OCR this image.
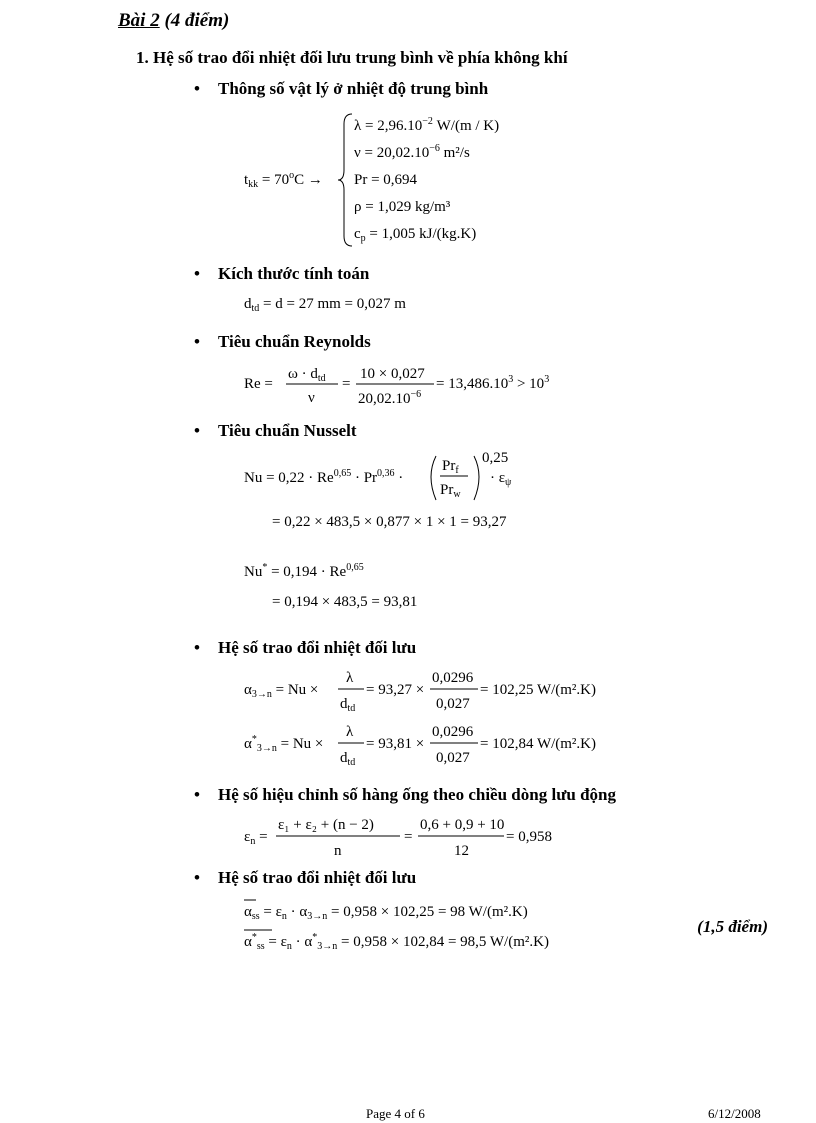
Bài 2 (4 điểm)
1. Hệ số trao đổi nhiệt đối lưu trung bình về phía không khí
• Thông số vật lý ở nhiệt độ trung bình
$t_{kk} = 70^oC$ →
$\lambda = 2,96.10^{-2}$ W/(m / K)
$\nu = 20,02.10^{-6}$ m²/s
Pr = 0,694
ρ = 1,029 kg/m³
$c_p = 1,005$ kJ/(kg.K)
• Kích thước tính toán
$d_{td} = d = 27$ mm = 0,027 m
• Tiêu chuẩn Reynolds
Re =
$\omega \cdot d_{td}$
ν
=
10 × 0,027
$20,02.10^{-6}$
= $13,486.10^3 > 10^3$
• Tiêu chuẩn Nusselt
Nu = 0,22 · Re$^{0,65}$ · Pr$^{0,36}$ ·
$Pr_f$
$Pr_w$
0,25
· $\varepsilon_\psi$
= 0,22 × 483,5 × 0,877 × 1 × 1 = 93,27
Nu* = 0,194 · Re$^{0,65}$
= 0,194 × 483,5 = 93,81
• Hệ số trao đổi nhiệt đối lưu
$\alpha_{3\to n} = Nu$ ×
λ
$d_{td}$
= 93,27 ×
0,0296
0,027
= 102,25 W/(m².K)
$\alpha^*_{3\to n} = Nu$ ×
λ
$d_{td}$
= 93,81 ×
0,0296
0,027
= 102,84 W/(m².K)
• Hệ số hiệu chỉnh số hàng ống theo chiều dòng lưu động
$\varepsilon_n$ =
ε₁ + ε₂ + (n − 2)
n
=
0,6 + 0,9 + 10
12
= 0,958
• Hệ số trao đổi nhiệt đối lưu
$\alpha_{ss} = \varepsilon_n \cdot \alpha_{3\to n} = 0,958 \times 102,25 = 98$ W/(m².K)
$\alpha^*_{ss} = \varepsilon_n \cdot \alpha^*_{3\to n} = 0,958 \times 102,84 = 98,5$ W/(m².K)
(1,5 điểm)
Page 4 of 6	6/12/2008
